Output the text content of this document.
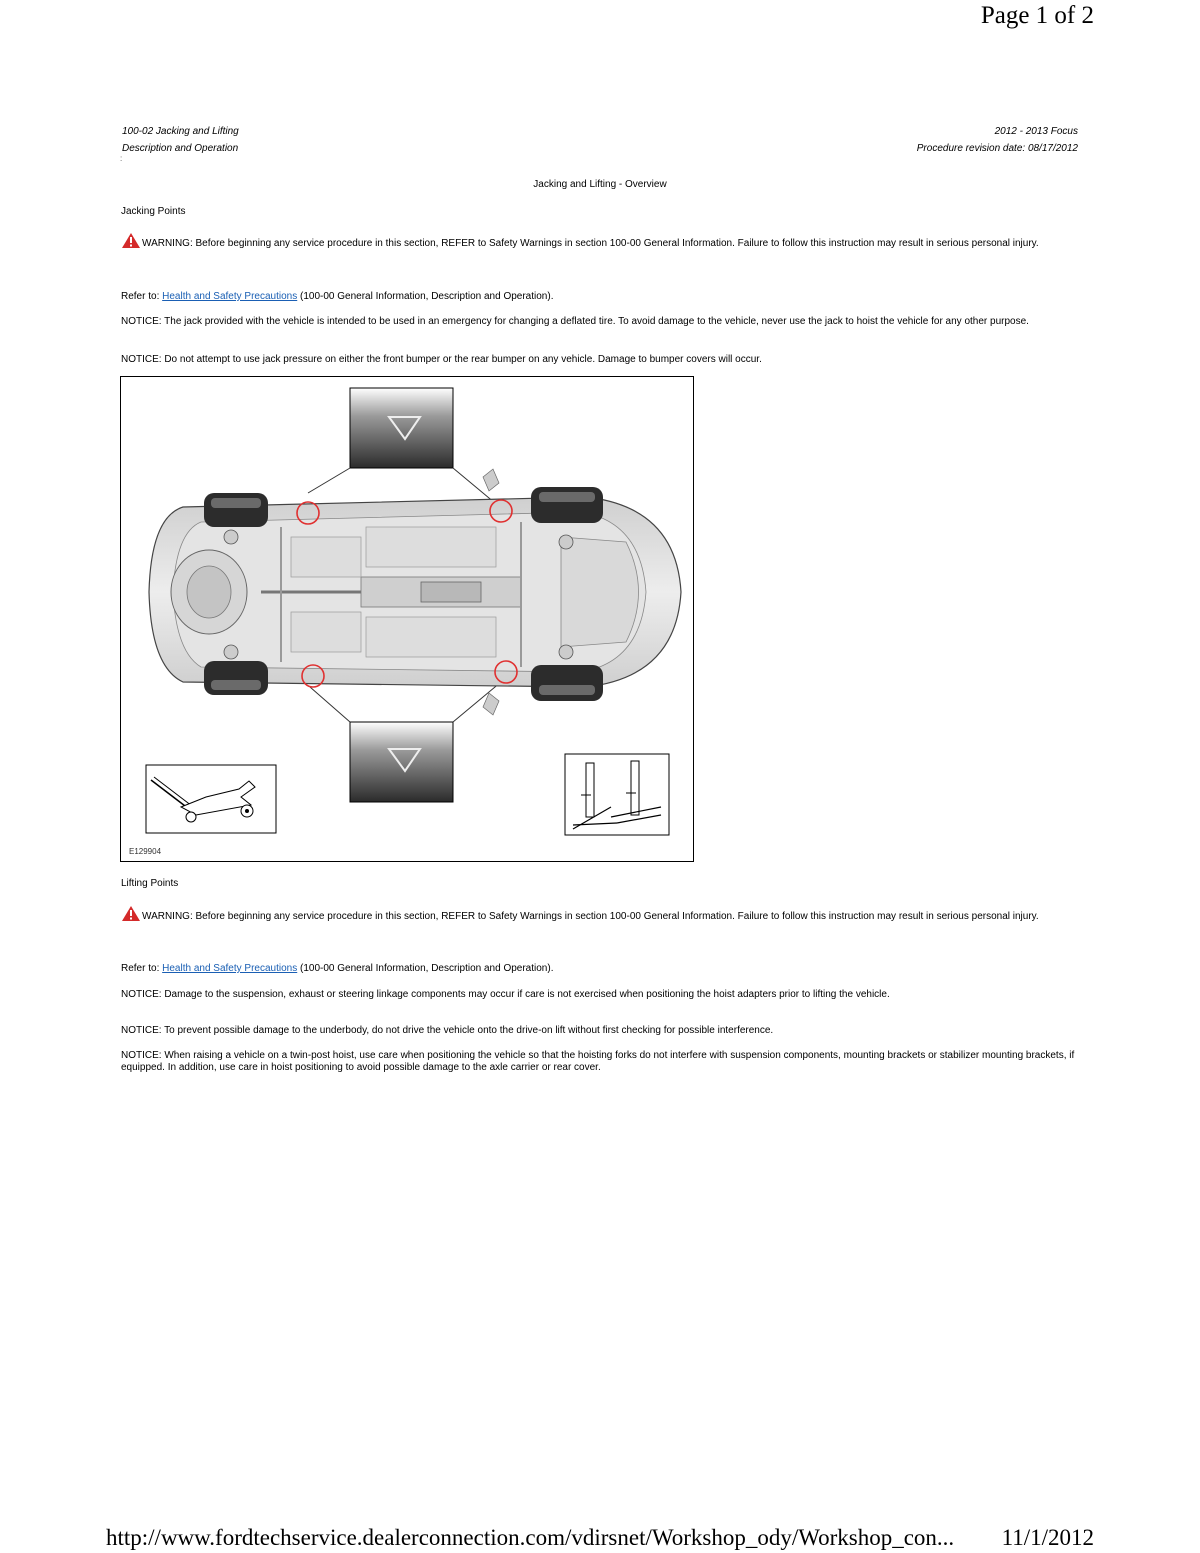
Page 1 of 2
100-02 Jacking and Lifting
Description and Operation
2012 - 2013 Focus
Procedure revision date: 08/17/2012
:
Jacking and Lifting - Overview
Jacking Points
WARNING: Before beginning any service procedure in this section, REFER to Safety Warnings in section 100-00 General Information. Failure to follow this instruction may result in serious personal injury.
Refer to: Health and Safety Precautions (100-00 General Information, Description and Operation).
NOTICE: The jack provided with the vehicle is intended to be used in an emergency for changing a deflated tire. To avoid damage to the vehicle, never use the jack to hoist the vehicle for any other purpose.
NOTICE: Do not attempt to use jack pressure on either the front bumper or the rear bumper on any vehicle. Damage to bumper covers will occur.
E129904
Lifting Points
WARNING: Before beginning any service procedure in this section, REFER to Safety Warnings in section 100-00 General Information. Failure to follow this instruction may result in serious personal injury.
Refer to: Health and Safety Precautions (100-00 General Information, Description and Operation).
NOTICE: Damage to the suspension, exhaust or steering linkage components may occur if care is not exercised when positioning the hoist adapters prior to lifting the vehicle.
NOTICE: To prevent possible damage to the underbody, do not drive the vehicle onto the drive-on lift without first checking for possible interference.
NOTICE: When raising a vehicle on a twin-post hoist, use care when positioning the vehicle so that the hoisting forks do not interfere with suspension components, mounting brackets or stabilizer mounting brackets, if equipped. In addition, use care in hoist positioning to avoid possible damage to the axle carrier or rear cover.
http://www.fordtechservice.dealerconnection.com/vdirsnet/Workshop_ody/Workshop_con... 11/1/2012
